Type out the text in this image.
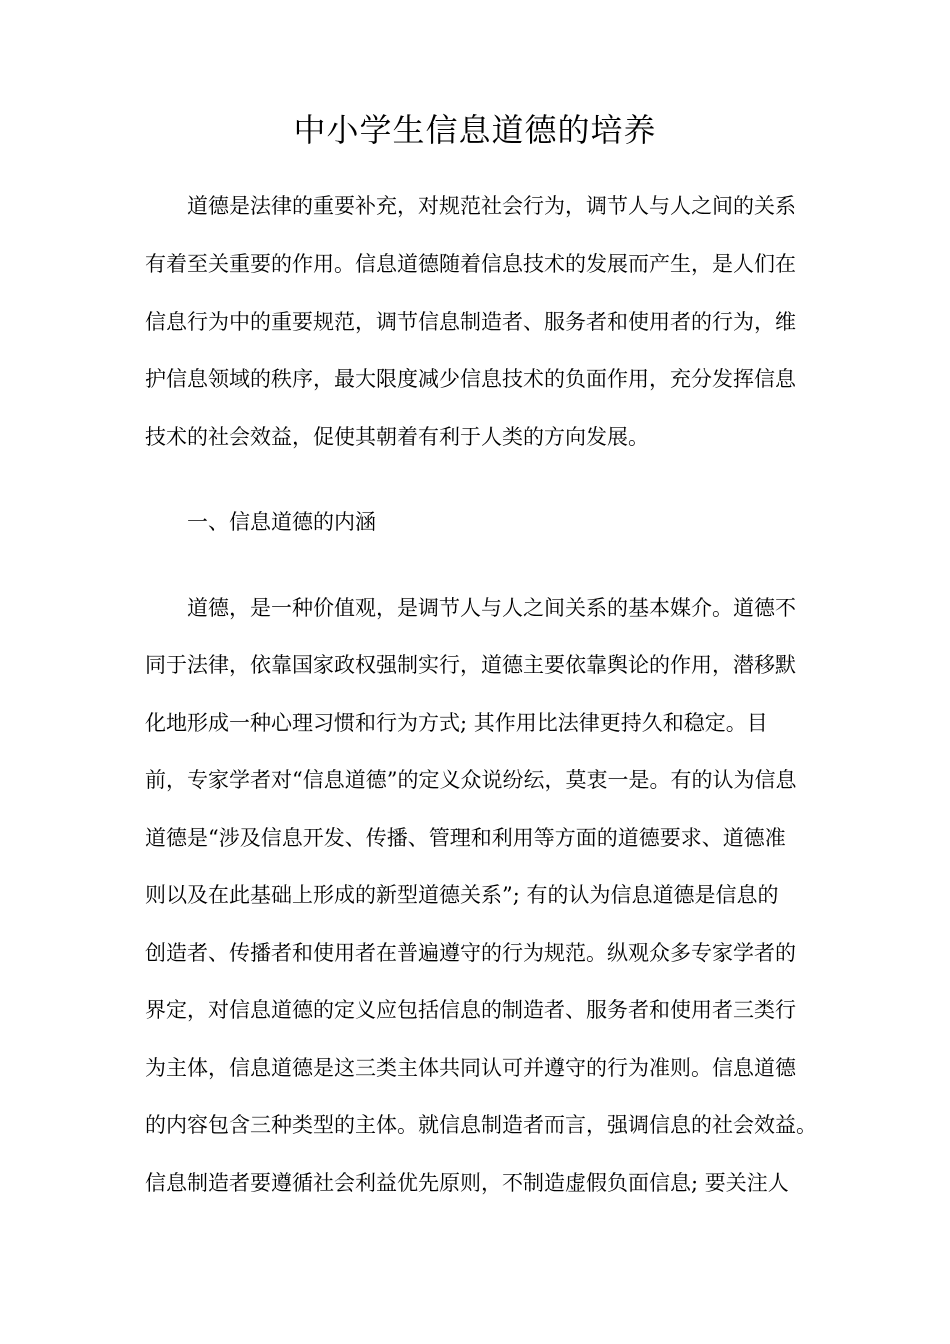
中小学生信息道德的培养

道德是法律的重要补充，对规范社会行为，调节人与人之间的关系

有着至关重要的作用。信息道德随着信息技术的发展而产生，是人们在

信息行为中的重要规范，调节信息制造者、服务者和使用者的行为，维

护信息领域的秩序，最大限度减少信息技术的负面作用，充分发挥信息

技术的社会效益，促使其朝着有利于人类的方向发展。

一、信息道德的内涵

道德，是一种价值观，是调节人与人之间关系的基本媒介。道德不

同于法律，依靠国家政权强制实行，道德主要依靠舆论的作用，潜移默

化地形成一种心理习惯和行为方式; 其作用比法律更持久和稳定。目

前，专家学者对“信息道德”的定义众说纷纭，莫衷一是。有的认为信息

道德是“涉及信息开发、传播、管理和利用等方面的道德要求、道德准

则以及在此基础上形成的新型道德关系”; 有的认为信息道德是信息的

创造者、传播者和使用者在普遍遵守的行为规范。纵观众多专家学者的

界定，对信息道德的定义应包括信息的制造者、服务者和使用者三类行

为主体，信息道德是这三类主体共同认可并遵守的行为准则。信息道德

的内容包含三种类型的主体。就信息制造者而言，强调信息的社会效益。

信息制造者要遵循社会利益优先原则，不制造虚假负面信息; 要关注人
